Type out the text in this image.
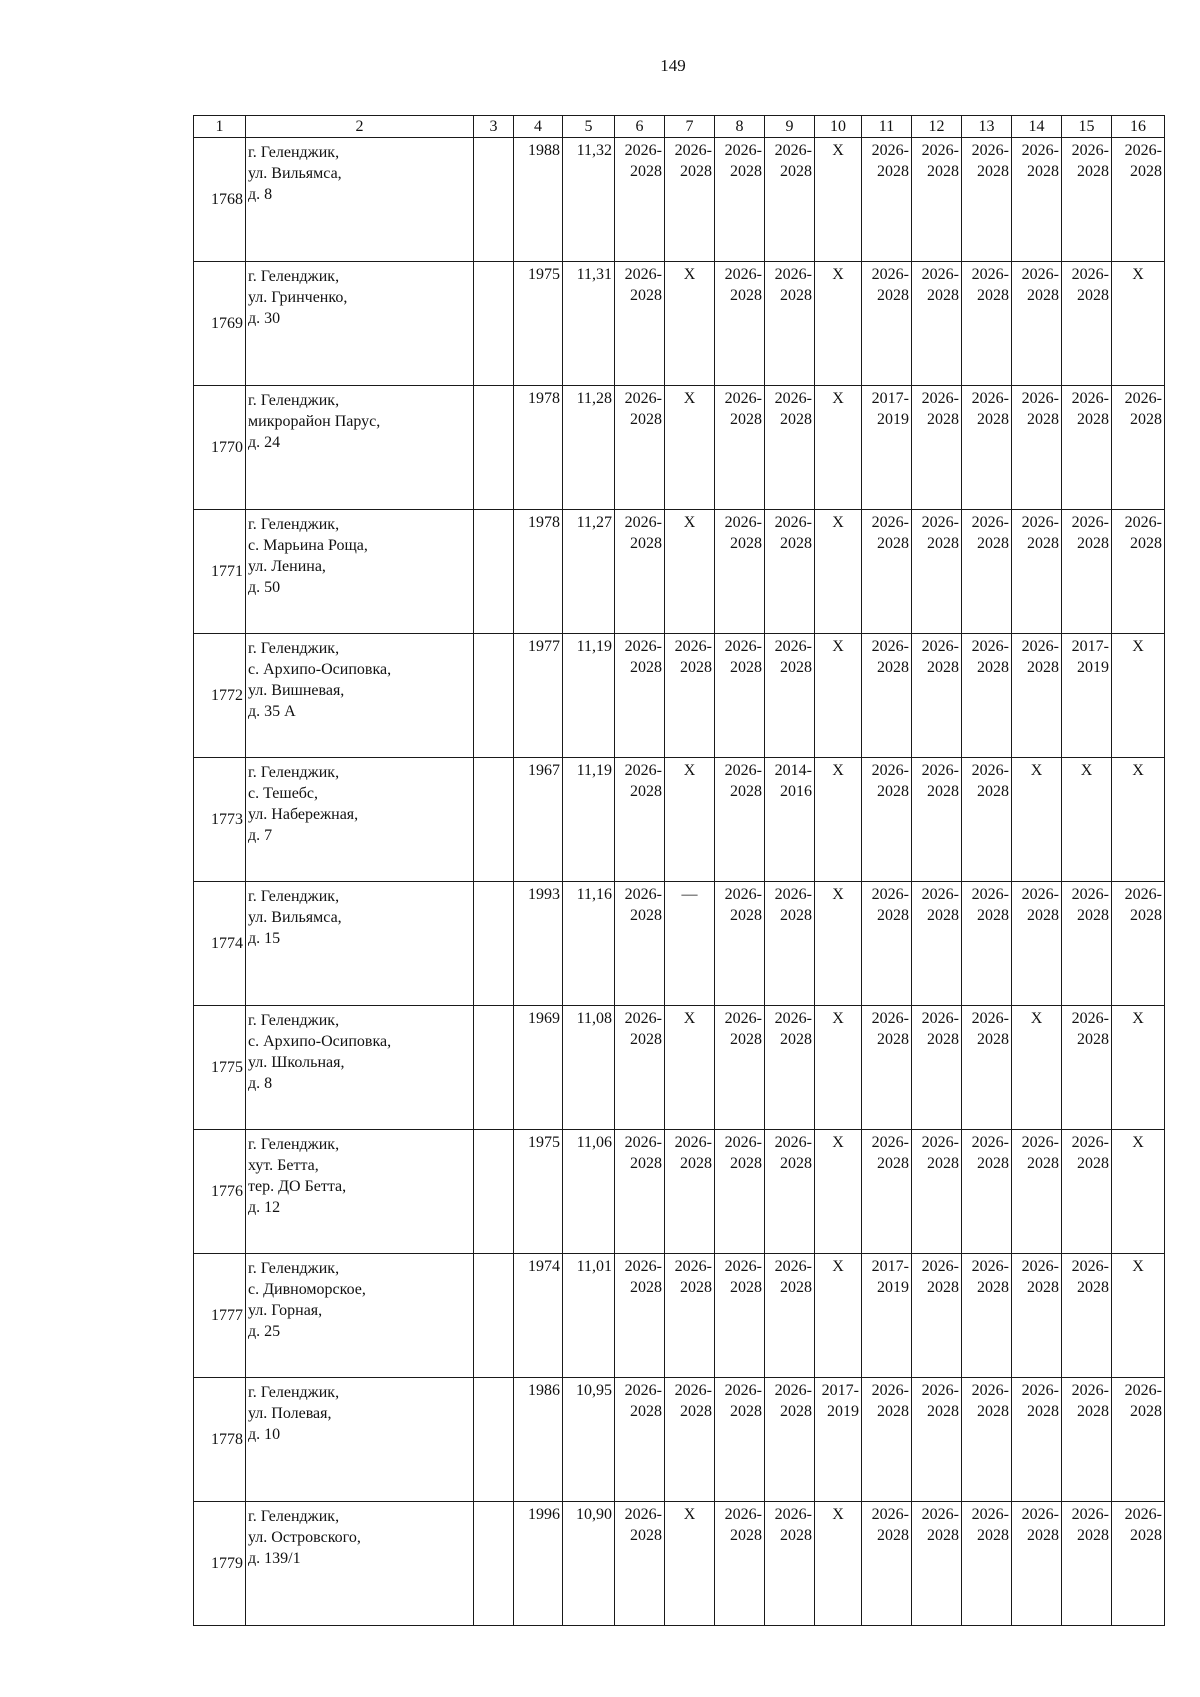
149
1	2	3	4	5	6	7	8	9	10	11	12	13	14	15	16
1768	г. Геленджик,
ул. Вильямса,
д. 8		1988	11,32	2026-
2028	2026-
2028	2026-
2028	2026-
2028	X	2026-
2028	2026-
2028	2026-
2028	2026-
2028	2026-
2028	2026-
2028

1769	г. Геленджик,
ул. Гринченко,
д. 30		1975	11,31	2026-
2028	X	2026-
2028	2026-
2028	X	2026-
2028	2026-
2028	2026-
2028	2026-
2028	2026-
2028	X

1770	г. Геленджик,
микрорайон Парус,
д. 24		1978	11,28	2026-
2028	X	2026-
2028	2026-
2028	X	2017-
2019	2026-
2028	2026-
2028	2026-
2028	2026-
2028	2026-
2028

1771	г. Геленджик,
с. Марьина Роща,
ул. Ленина,
д. 50		1978	11,27	2026-
2028	X	2026-
2028	2026-
2028	X	2026-
2028	2026-
2028	2026-
2028	2026-
2028	2026-
2028	2026-
2028

1772	г. Геленджик,
с. Архипо-Осиповка,
ул. Вишневая,
д. 35 А		1977	11,19	2026-
2028	2026-
2028	2026-
2028	2026-
2028	X	2026-
2028	2026-
2028	2026-
2028	2026-
2028	2017-
2019	X

1773	г. Геленджик,
с. Тешебс,
ул. Набережная,
д. 7		1967	11,19	2026-
2028	X	2026-
2028	2014-
2016	X	2026-
2028	2026-
2028	2026-
2028	X	X	X

1774	г. Геленджик,
ул. Вильямса,
д. 15		1993	11,16	2026-
2028	—	2026-
2028	2026-
2028	X	2026-
2028	2026-
2028	2026-
2028	2026-
2028	2026-
2028	2026-
2028

1775	г. Геленджик,
с. Архипо-Осиповка,
ул. Школьная,
д. 8		1969	11,08	2026-
2028	X	2026-
2028	2026-
2028	X	2026-
2028	2026-
2028	2026-
2028	X	2026-
2028	X

1776	г. Геленджик,
хут. Бетта,
тер. ДО Бетта,
д. 12		1975	11,06	2026-
2028	2026-
2028	2026-
2028	2026-
2028	X	2026-
2028	2026-
2028	2026-
2028	2026-
2028	2026-
2028	X

1777	г. Геленджик,
с. Дивноморское,
ул. Горная,
д. 25		1974	11,01	2026-
2028	2026-
2028	2026-
2028	2026-
2028	X	2017-
2019	2026-
2028	2026-
2028	2026-
2028	2026-
2028	X

1778	г. Геленджик,
ул. Полевая,
д. 10		1986	10,95	2026-
2028	2026-
2028	2026-
2028	2026-
2028	2017-
2019	2026-
2028	2026-
2028	2026-
2028	2026-
2028	2026-
2028	2026-
2028

1779	г. Геленджик,
ул. Островского,
д. 139/1		1996	10,90	2026-
2028	X	2026-
2028	2026-
2028	X	2026-
2028	2026-
2028	2026-
2028	2026-
2028	2026-
2028	2026-
2028
